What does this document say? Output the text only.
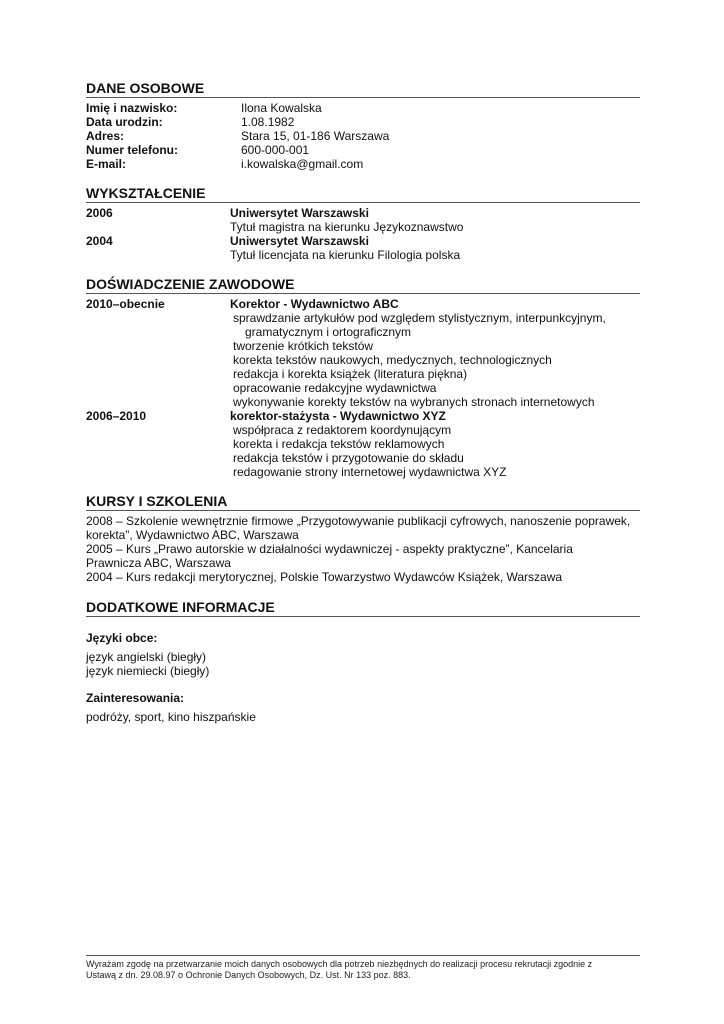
DANE OSOBOWE
Imię i nazwisko:	Ilona Kowalska
Data urodzin:	1.08.1982
Adres:	Stara 15, 01-186 Warszawa
Numer telefonu:	600-000-001
E-mail:	i.kowalska@gmail.com
WYKSZTAŁCENIE
2006	Uniwersytet Warszawski
Tytuł magistra na kierunku Językoznawstwo
2004	Uniwersytet Warszawski
Tytuł licencjata na kierunku Filologia polska
DOŚWIADCZENIE ZAWODOWE
2010–obecnie	Korektor - Wydawnictwo ABC
sprawdzanie artykułów pod względem stylistycznym, interpunkcyjnym,
gramatycznym i ortograficznym
tworzenie krótkich tekstów
korekta tekstów naukowych, medycznych, technologicznych
redakcja i korekta książek (literatura piękna)
opracowanie redakcyjne wydawnictwa
wykonywanie korekty tekstów na wybranych stronach internetowych
2006–2010	korektor-stażysta - Wydawnictwo XYZ
współpraca z redaktorem koordynującym
korekta i redakcja tekstów reklamowych
redakcja tekstów i przygotowanie do składu
redagowanie strony internetowej wydawnictwa XYZ
KURSY I SZKOLENIA

2008 – Szkolenie wewnętrznie firmowe „Przygotowywanie publikacji cyfrowych, nanoszenie poprawek,

korekta”, Wydawnictwo ABC, Warszawa

2005 – Kurs „Prawo autorskie w działalności wydawniczej - aspekty praktyczne”, Kancelaria

Prawnicza ABC, Warszawa

2004 – Kurs redakcji merytorycznej, Polskie Towarzystwo Wydawców Książek, Warszawa

DODATKOWE INFORMACJE

Języki obce:

język angielski (biegły)

język niemiecki (biegły)

Zainteresowania:

podróży, sport, kino hiszpańskie

Wyrażam zgodę na przetwarzanie moich danych osobowych dla potrzeb niezbędnych do realizacji procesu rekrutacji zgodnie z
Ustawą z dn. 29.08.97 o Ochronie Danych Osobowych, Dz. Ust. Nr 133 poz. 883.
